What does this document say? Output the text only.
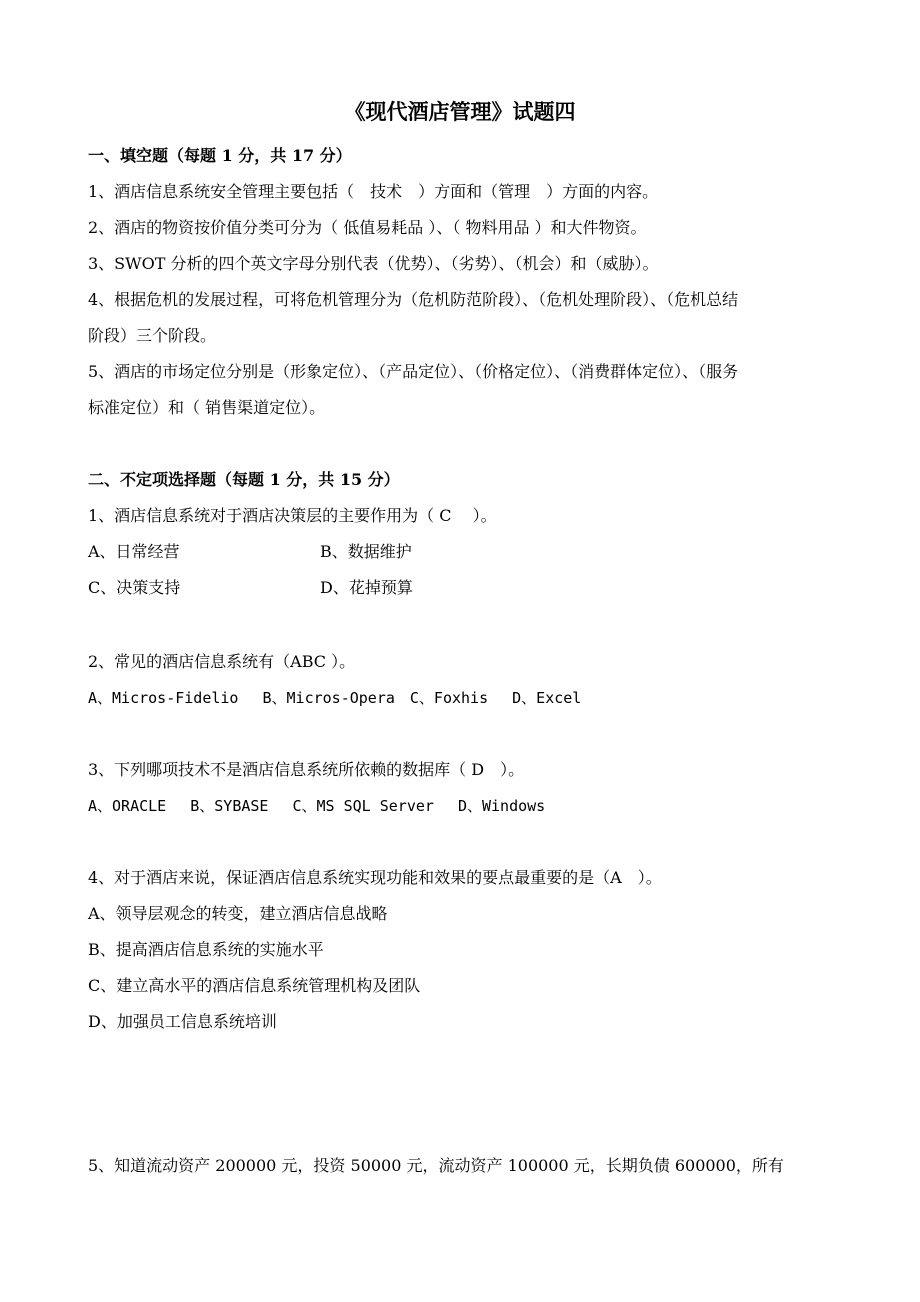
《现代酒店管理》试题四
一、填空题（每题 1 分，共 17 分）
1、酒店信息系统安全管理主要包括（　技术　）方面和（管理　）方面的内容。
2、酒店的物资按价值分类可分为（ 低值易耗品 ）、（ 物料用品 ）和大件物资。
3、SWOT 分析的四个英文字母分别代表（优势）、（劣势）、（机会）和（威胁）。
4、根据危机的发展过程，可将危机管理分为（危机防范阶段）、（危机处理阶段）、（危机总结
阶段）三个阶段。
5、酒店的市场定位分别是（形象定位）、（产品定位）、（价格定位）、（消费群体定位）、（服务
标准定位）和（ 销售渠道定位）。
二、不定项选择题（每题 1 分，共 15 分）
1、酒店信息系统对于酒店决策层的主要作用为（ C　 ）。
A、日常经营	B、数据维护
C、决策支持	D、花掉预算
2、常见的酒店信息系统有（ABC ）。
A、Micros-Fidelio　 B、Micros-Opera　C、Foxhis　 D、Excel
3、下列哪项技术不是酒店信息系统所依赖的数据库（ D　）。
A、ORACLE　 B、SYBASE　 C、MS SQL Server　 D、Windows
4、对于酒店来说，保证酒店信息系统实现功能和效果的要点最重要的是（A　）。
A、领导层观念的转变，建立酒店信息战略
B、提高酒店信息系统的实施水平
C、建立高水平的酒店信息系统管理机构及团队
D、加强员工信息系统培训
5、知道流动资产 200000 元，投资 50000 元，流动资产 100000 元，长期负债 600000，所有
